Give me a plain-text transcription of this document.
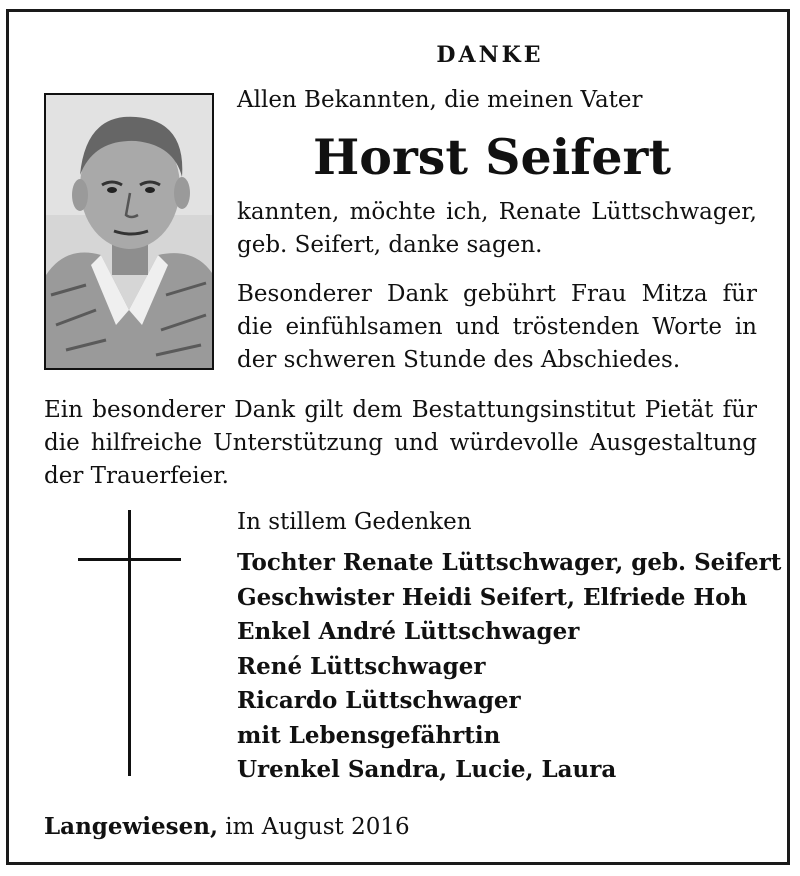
DANKE

Allen Bekannten, die meinen Vater

Horst Seifert

kannten, möchte ich, Renate Lüttschwager, geb. Seifert, danke sagen.

Besonderer Dank gebührt Frau Mitza für die einfühlsamen und tröstenden Worte in der schweren Stunde des Abschiedes.

Ein besonderer Dank gilt dem Bestattungsinstitut Pietät für die hilfreiche Unterstützung und würdevolle Ausgestaltung der Trauerfeier.

In stillem Gedenken

Tochter Renate Lüttschwager, geb. Seifert
Geschwister Heidi Seifert, Elfriede Hoh
Enkel André Lüttschwager
René Lüttschwager
Ricardo Lüttschwager
mit Lebensgefährtin
Urenkel Sandra, Lucie, Laura

Langewiesen, im August 2016
